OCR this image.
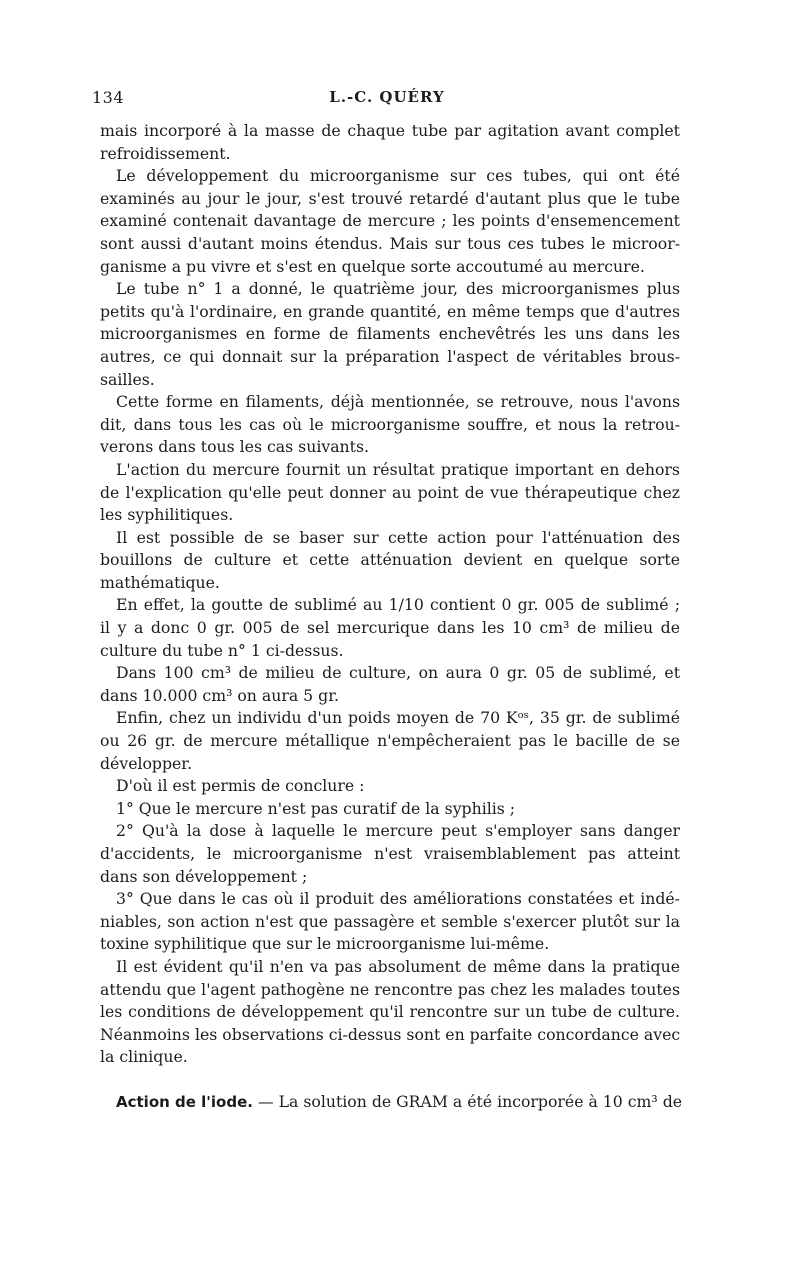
134	L.-C. QUÉRY
mais incorporé à la masse de chaque tube par agitation avant complet
refroidissement.
Le développement du microorganisme sur ces tubes, qui ont été
examinés au jour le jour, s'est trouvé retardé d'autant plus que le tube
examiné contenait davantage de mercure ; les points d'ensemencement
sont aussi d'autant moins étendus. Mais sur tous ces tubes le microor-
ganisme a pu vivre et s'est en quelque sorte accoutumé au mercure.
Le tube n° 1 a donné, le quatrième jour, des microorganismes plus
petits qu'à l'ordinaire, en grande quantité, en même temps que d'autres
microorganismes en forme de filaments enchevêtrés les uns dans les
autres, ce qui donnait sur la préparation l'aspect de véritables brous-
sailles.
Cette forme en filaments, déjà mentionnée, se retrouve, nous l'avons
dit, dans tous les cas où le microorganisme souffre, et nous la retrou-
verons dans tous les cas suivants.
L'action du mercure fournit un résultat pratique important en dehors
de l'explication qu'elle peut donner au point de vue thérapeutique chez
les syphilitiques.
Il est possible de se baser sur cette action pour l'atténuation des
bouillons de culture et cette atténuation devient en quelque sorte
mathématique.
En effet, la goutte de sublimé au 1/10 contient 0 gr. 005 de sublimé ;
il y a donc 0 gr. 005 de sel mercurique dans les 10 cm³ de milieu de
culture du tube n° 1 ci-dessus.
Dans 100 cm³ de milieu de culture, on aura 0 gr. 05 de sublimé, et
dans 10.000 cm³ on aura 5 gr.
Enfin, chez un individu d'un poids moyen de 70 Kᵒˢ, 35 gr. de sublimé
ou 26 gr. de mercure métallique n'empêcheraient pas le bacille de se
développer.
D'où il est permis de conclure :
1° Que le mercure n'est pas curatif de la syphilis ;
2° Qu'à la dose à laquelle le mercure peut s'employer sans danger
d'accidents, le microorganisme n'est vraisemblablement pas atteint
dans son développement ;
3° Que dans le cas où il produit des améliorations constatées et indé-
niables, son action n'est que passagère et semble s'exercer plutôt sur la
toxine syphilitique que sur le microorganisme lui-même.
Il est évident qu'il n'en va pas absolument de même dans la pratique
attendu que l'agent pathogène ne rencontre pas chez les malades toutes
les conditions de développement qu'il rencontre sur un tube de culture.
Néanmoins les observations ci-dessus sont en parfaite concordance avec
la clinique.
Action de l'iode. — La solution de GRAM a été incorporée à 10 cm³ de
